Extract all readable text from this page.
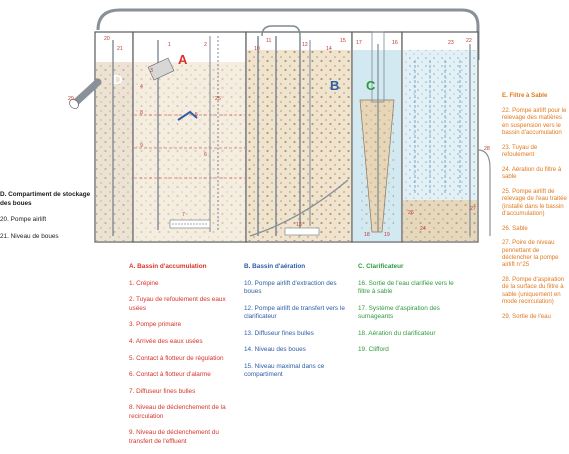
D
A
B C
1	2
3
4
5
6
7
8
9
10
11
12
13
14
15	16
17
18	19
20
21
22
23
24
25
26
27
28
29

D. Compartiment de stockage des boues

20. Pompe airlift

21. Niveau de boues

A. Bassin d'accumulation

1. Crépine

2. Tuyau de refoulement des eaux usées

3. Pompe primaire

4. Arrivée des eaux usées

5. Contact à flotteur de régulation

6. Contact à flotteur d'alarme

7. Diffuseur fines bulles

8. Niveau de déclenchement de la recirculation

9. Niveau de déclenchement du transfert de l'effluent

B. Bassin d'aération

10. Pompe airlift d'extraction des boues

12. Pompe airlift de transfert vers le clarificateur

13. Diffuseur fines bulles

14. Niveau des boues

15. Niveau maximal dans ce compartiment

C. Clarificateur

16. Sortie de l'eau clarifiée vers le filtre à sable

17. Système d'aspiration des surnageants

18. Aération du clarificateur

19. Clifford

E. Filtre à Sable

22. Pompe airlift pour le relevage des matières en suspension vers le bassin d'accumulation

23. Tuyau de refoulement

24. Aération du filtre à sable

25. Pompe airlift de relevage de l'eau traitée (installé dans le bassin d'accumulation)

26. Sable

27. Poire de niveau pennettant de déclencher la pompe airlift n°25

28. Pompe d'aspiration de la surface du filtre à sable (uniquement en mode recirculation)

29. Sortie de l'eau
